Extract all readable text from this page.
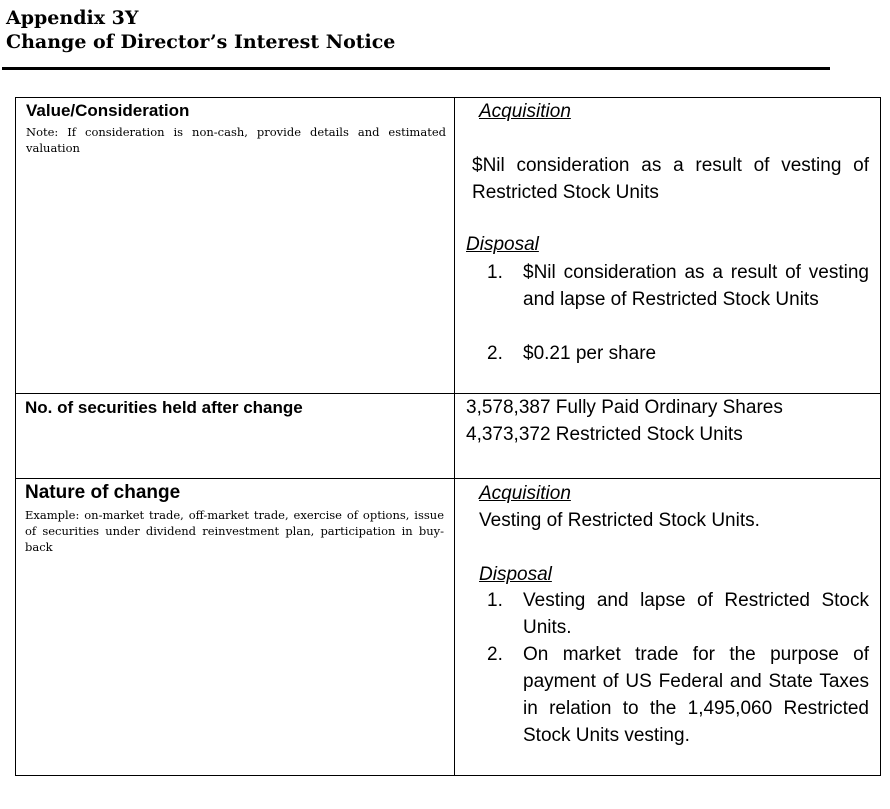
Appendix 3Y
Change of Director’s Interest Notice
Value/Consideration
Note: If consideration is non-cash, provide details and estimated valuation
Acquisition
$Nil consideration as a result of vesting of Restricted Stock Units
Disposal
1. $Nil consideration as a result of vesting and lapse of Restricted Stock Units
2. $0.21 per share
No. of securities held after change	3,578,387 Fully Paid Ordinary Shares
4,373,372 Restricted Stock Units
Nature of change
Example: on-market trade, off-market trade, exercise of options, issue of securities under dividend reinvestment plan, participation in buy-back
Acquisition
Vesting of Restricted Stock Units.
Disposal
1. Vesting and lapse of Restricted Stock Units.
2. On market trade for the purpose of payment of US Federal and State Taxes in relation to the 1,495,060 Restricted Stock Units vesting.
